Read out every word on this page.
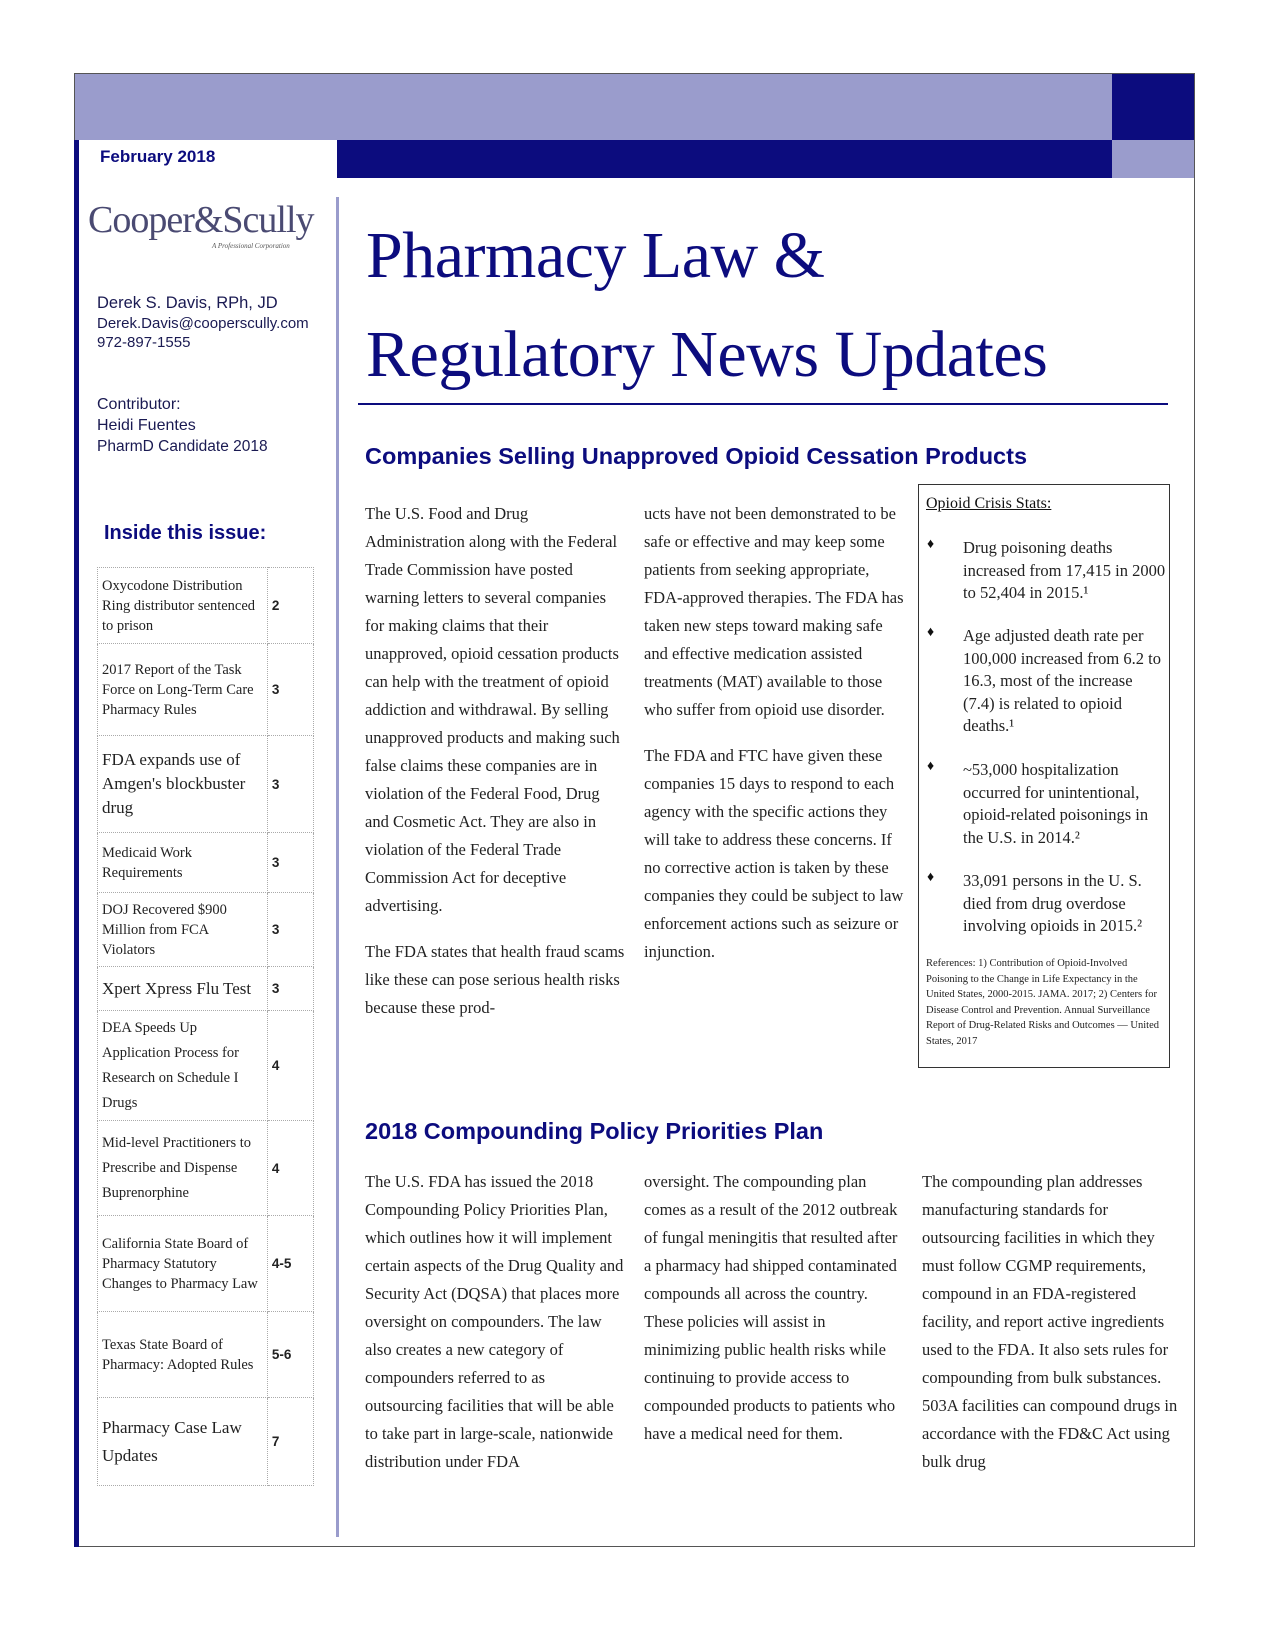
February 2018
Cooper&Scully
A Professional Corporation
Derek S. Davis, RPh, JD
Derek.Davis@cooperscully.com
972-897-1555
Contributor:
Heidi Fuentes
PharmD Candidate 2018
Inside this issue:
Oxycodone Distribution Ring distributor sentenced to prison	2
2017 Report of the Task Force on Long-Term Care Pharmacy Rules	3
FDA expands use of Amgen's blockbuster drug	3
Medicaid Work Requirements	3
DOJ Recovered $900 Million from FCA Violators	3
Xpert Xpress Flu Test	3
DEA Speeds Up Application Process for Research on Schedule I Drugs	4
Mid-level Practitioners to Prescribe and Dispense Buprenorphine	4
California State Board of Pharmacy Statutory Changes to Pharmacy Law	4-5
Texas State Board of Pharmacy: Adopted Rules	5-6
Pharmacy Case Law Updates	7
Pharmacy Law &
Regulatory News Updates
Companies Selling Unapproved Opioid Cessation Products

The U.S. Food and Drug Administration along with the Federal Trade Commission have posted warning letters to several companies for making claims that their unapproved, opioid cessation products can help with the treatment of opioid addiction and withdrawal. By selling unapproved products and making such false claims these companies are in violation of the Federal Food, Drug and Cosmetic Act. They are also in violation of the Federal Trade Commission Act for deceptive advertising.

The FDA states that health fraud scams like these can pose serious health risks because these prod-

ucts have not been demonstrated to be safe or effective and may keep some patients from seeking appropriate, FDA-approved therapies. The FDA has taken new steps toward making safe and effective medication assisted treatments (MAT) available to those who suffer from opioid use disorder.

The FDA and FTC have given these companies 15 days to respond to each agency with the specific actions they will take to address these concerns. If no corrective action is taken by these companies they could be subject to law enforcement actions such as seizure or injunction.

Opioid Crisis Stats:
♦ Drug poisoning deaths increased from 17,415 in 2000 to 52,404 in 2015.¹
♦ Age adjusted death rate per 100,000 increased from 6.2 to 16.3, most of the increase (7.4) is related to opioid deaths.¹
♦ ~53,000 hospitalization occurred for unintentional, opioid-related poisonings in the U.S. in 2014.²
♦ 33,091 persons in the U. S. died from drug overdose involving opioids in 2015.²
References: 1) Contribution of Opioid-Involved Poisoning to the Change in Life Expectancy in the United States, 2000-2015. JAMA. 2017; 2) Centers for Disease Control and Prevention. Annual Surveillance Report of Drug-Related Risks and Outcomes — United States, 2017
2018 Compounding Policy Priorities Plan

The U.S. FDA has issued the 2018 Compounding Policy Priorities Plan, which outlines how it will implement certain aspects of the Drug Quality and Security Act (DQSA) that places more oversight on compounders. The law also creates a new category of compounders referred to as outsourcing facilities that will be able to take part in large-scale, nationwide distribution under FDA

oversight. The compounding plan comes as a result of the 2012 outbreak of fungal meningitis that resulted after a pharmacy had shipped contaminated compounds all across the country. These policies will assist in minimizing public health risks while continuing to provide access to compounded products to patients who have a medical need for them.

The compounding plan addresses manufacturing standards for outsourcing facilities in which they must follow CGMP requirements, compound in an FDA-registered facility, and report active ingredients used to the FDA. It also sets rules for compounding from bulk substances. 503A facilities can compound drugs in accordance with the FD&C Act using bulk drug
